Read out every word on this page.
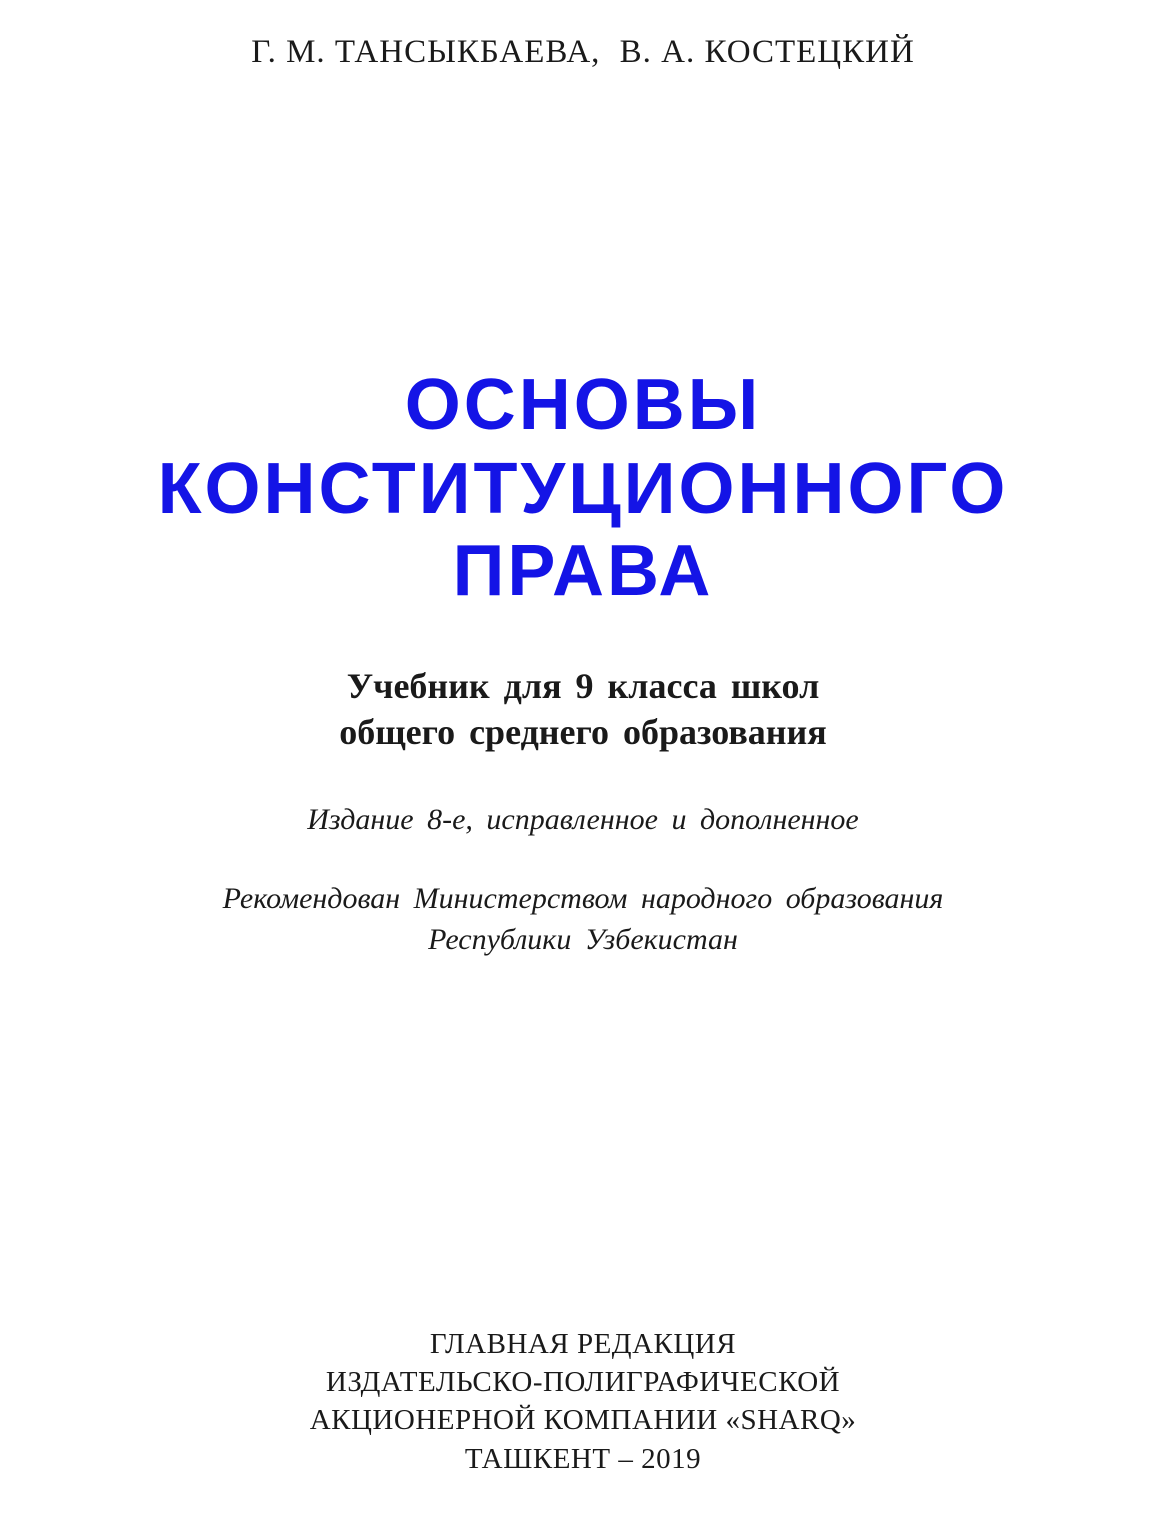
Г. М. ТАНСЫКБАЕВА, В. А. КОСТЕЦКИЙ
ОСНОВЫ
КОНСТИТУЦИОННОГО
ПРАВА
Учебник для 9 класса школ
общего среднего образования
Издание 8-е, исправленное и дополненное
Рекомендован Министерством народного образования
Республики Узбекистан
ГЛАВНАЯ РЕДАКЦИЯ
ИЗДАТЕЛЬСКО-ПОЛИГРАФИЧЕСКОЙ
АКЦИОНЕРНОЙ КОМПАНИИ «SHARQ»
ТАШКЕНТ – 2019
